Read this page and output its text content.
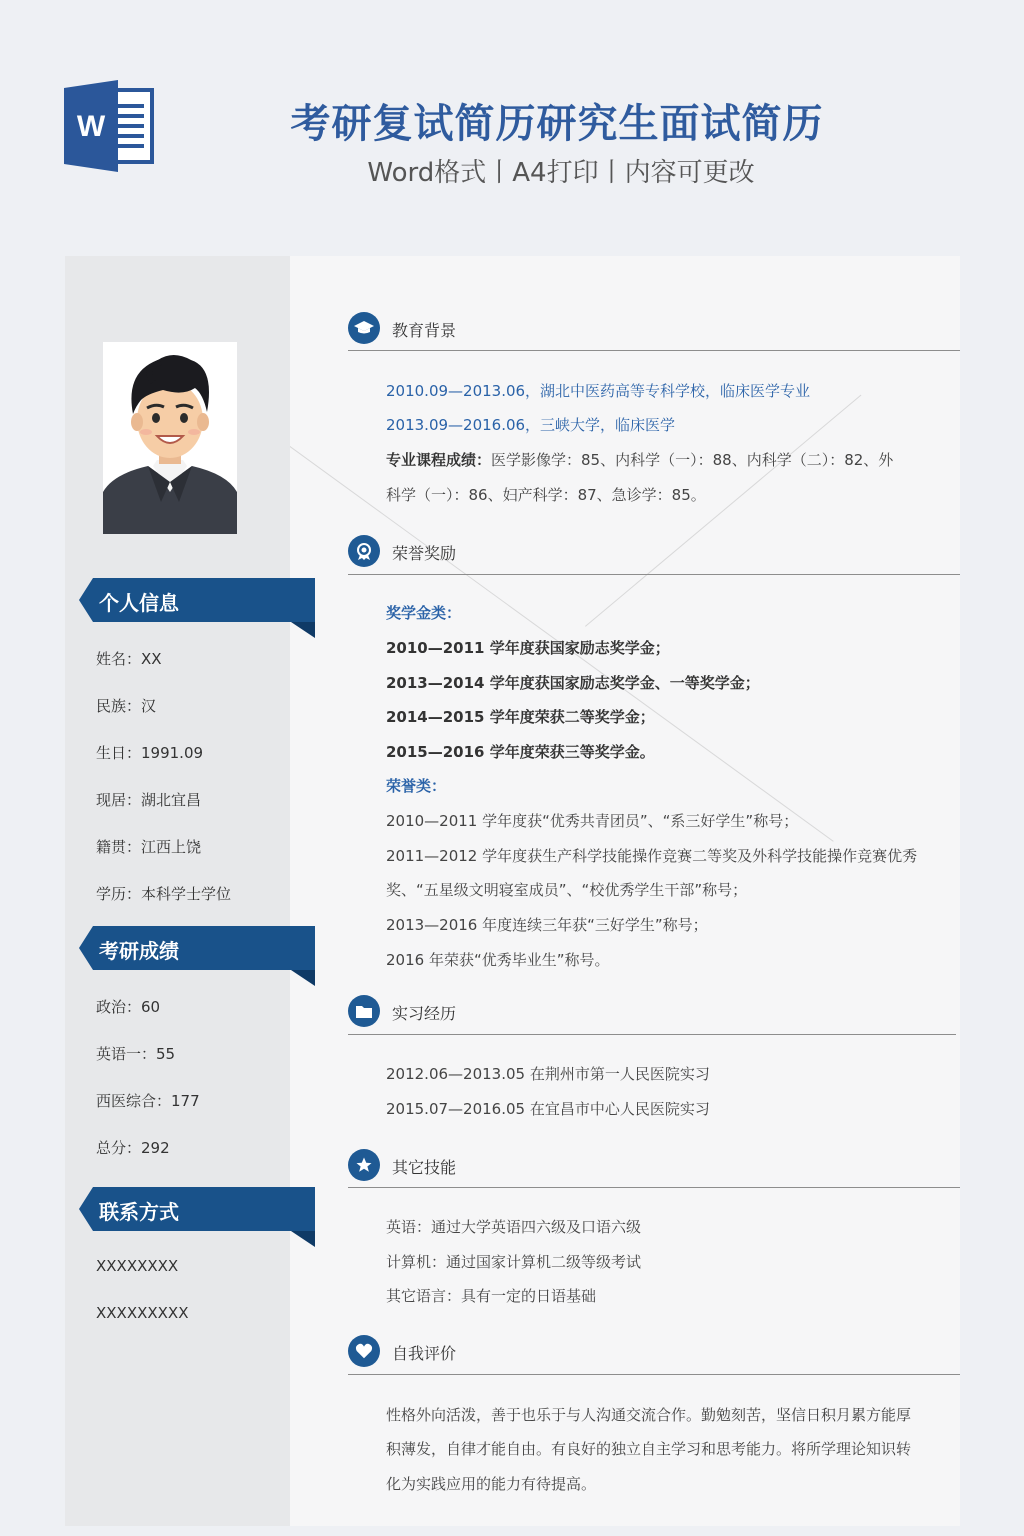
W	考研复试简历研究生面试简历
Word格式丨A4打印丨内容可更改
个人信息
姓名：XX
民族：汉
生日：1991.09
现居：湖北宜昌
籍贯：江西上饶
学历：本科学士学位
考研成绩
政治：60
英语一：55
西医综合：177
总分：292
联系方式
XXXXXXXX
XXXXXXXXX
教育背景
2010.09—2013.06，湖北中医药高等专科学校，临床医学专业
2013.09—2016.06，三峡大学，临床医学
专业课程成绩：医学影像学：85、内科学（一）：88、内科学（二）：82、外
科学（一）：86、妇产科学：87、急诊学：85。
荣誉奖励
奖学金类：
2010—2011 学年度获国家励志奖学金；
2013—2014 学年度获国家励志奖学金、一等奖学金；
2014—2015 学年度荣获二等奖学金；
2015—2016 学年度荣获三等奖学金。
荣誉类：
2010—2011 学年度获“优秀共青团员”、“系三好学生”称号；
2011—2012 学年度获生产科学技能操作竞赛二等奖及外科学技能操作竞赛优秀
奖、“五星级文明寝室成员”、“校优秀学生干部”称号；
2013—2016 年度连续三年获“三好学生”称号；
2016 年荣获“优秀毕业生”称号。
实习经历
2012.06—2013.05 在荆州市第一人民医院实习
2015.07—2016.05 在宜昌市中心人民医院实习
其它技能
英语：通过大学英语四六级及口语六级
计算机：通过国家计算机二级等级考试
其它语言：具有一定的日语基础
自我评价
性格外向活泼，善于也乐于与人沟通交流合作。勤勉刻苦，坚信日积月累方能厚
积薄发，自律才能自由。有良好的独立自主学习和思考能力。将所学理论知识转
化为实践应用的能力有待提高。
